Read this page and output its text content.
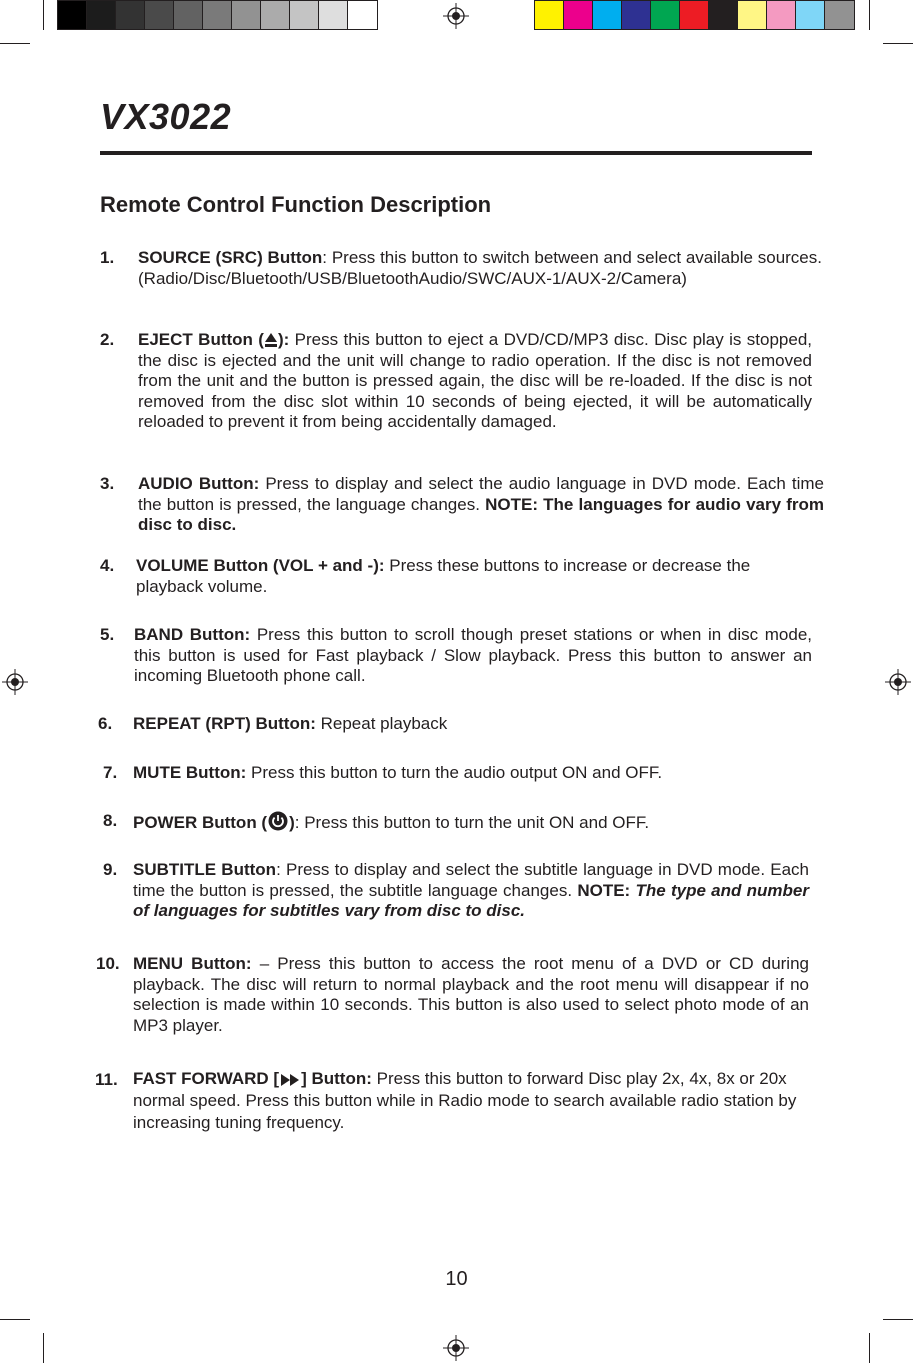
VX3022
Remote Control Function Description
1. SOURCE (SRC) Button: Press this button to switch between and select available sources. (Radio/Disc/Bluetooth/USB/BluetoothAudio/SWC/AUX-1/AUX-2/Camera)
2. EJECT Button ( ): Press this button to eject a DVD/CD/MP3 disc. Disc play is stopped, the disc is ejected and the unit will change to radio operation. If the disc is not removed from the unit and the button is pressed again, the disc will be re-loaded. If the disc is not removed from the disc slot within 10 seconds of being ejected, it will be automatically reloaded to prevent it from being accidentally damaged.
3. AUDIO Button: Press to display and select the audio language in DVD mode. Each time the button is pressed, the language changes. NOTE: The languages for audio vary from disc to disc.
4. VOLUME Button (VOL + and -): Press these buttons to increase or decrease the playback volume.
5. BAND Button: Press this button to scroll though preset stations or when in disc mode, this button is used for Fast playback / Slow playback. Press this button to answer an incoming Bluetooth phone call.
6. REPEAT (RPT) Button: Repeat playback
7. MUTE Button: Press this button to turn the audio output ON and OFF.
8. POWER Button ( ): Press this button to turn the unit ON and OFF.
9. SUBTITLE Button: Press to display and select the subtitle language in DVD mode. Each time the button is pressed, the subtitle language changes. NOTE: The type and number of languages for subtitles vary from disc to disc.
10. MENU Button: – Press this button to access the root menu of a DVD or CD during playback. The disc will return to normal playback and the root menu will disappear if no selection is made within 10 seconds. This button is also used to select photo mode of an MP3 player.
11. FAST FORWARD [ ] Button: Press this button to forward Disc play 2x, 4x, 8x or 20x normal speed. Press this button while in Radio mode to search available radio station by increasing tuning frequency.
10
